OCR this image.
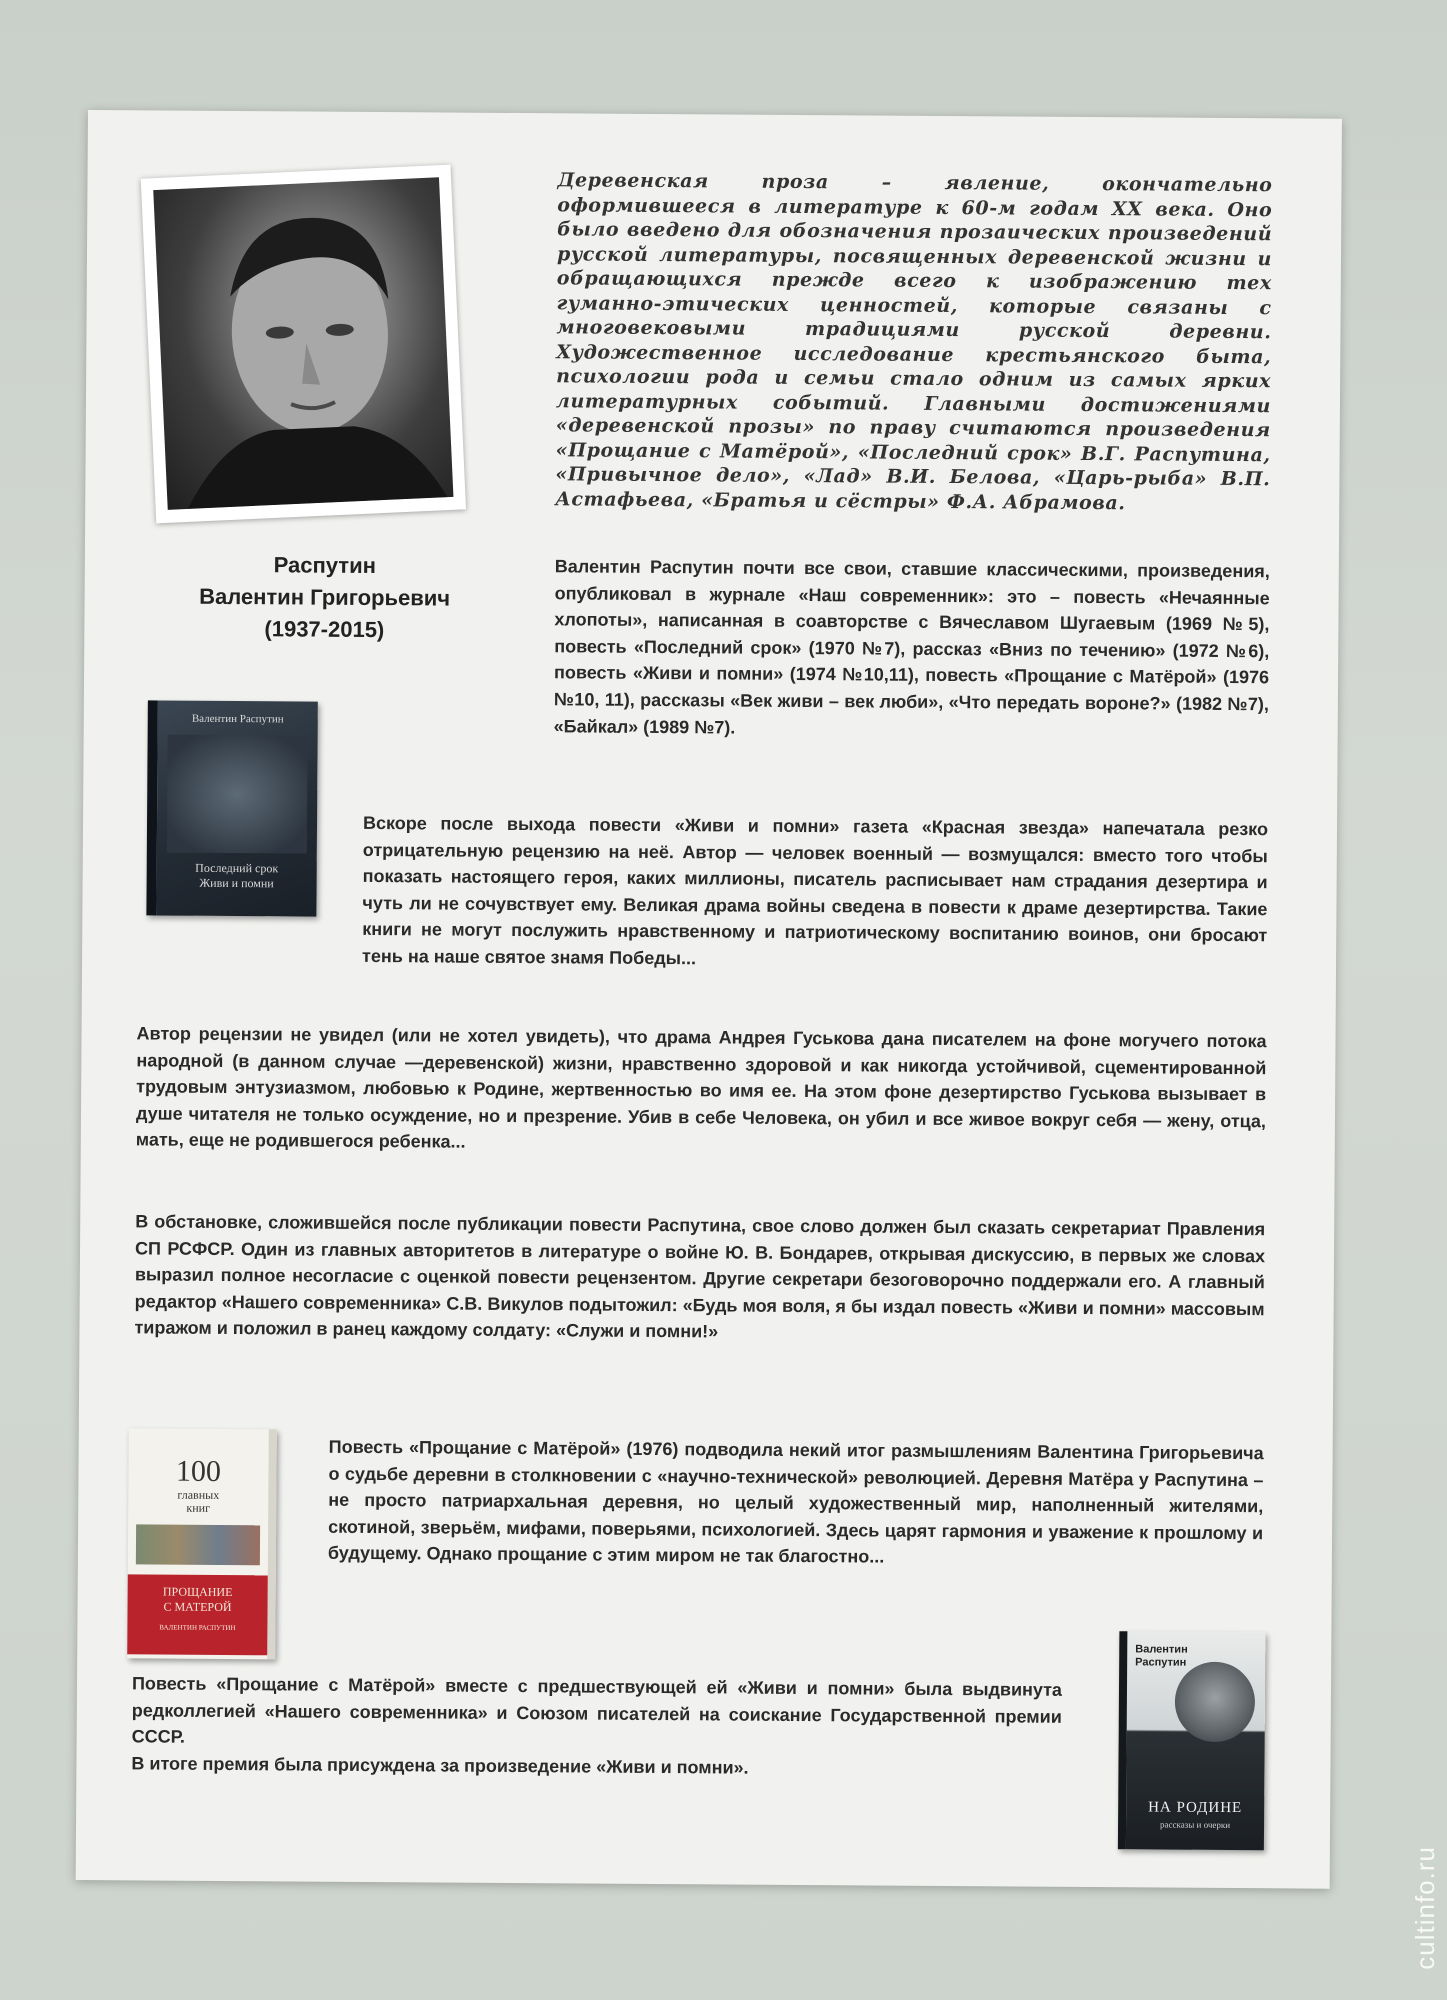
Деревенская проза – явление, окончательно оформившееся в литературе к 60-м годам XX века. Оно было введено для обозначения прозаических произведений русской литературы, посвященных деревенской жизни и обращающихся прежде всего к изображению тех гуманно-этических ценностей, которые связаны с многовековыми традициями русской деревни. Художественное исследование крестьянского быта, психологии рода и семьи стало одним из самых ярких литературных событий. Главными достижениями «деревенской прозы» по праву считаются произведения «Прощание с Матёрой», «Последний срок» В.Г. Распутина, «Привычное дело», «Лад» В.И. Белова, «Царь-рыба» В.П. Астафьева, «Братья и сёстры» Ф.А. Абрамова.
Распутин
Валентин Григорьевич
(1937-2015)

Валентин Распутин почти все свои, ставшие классическими, произведения, опубликовал в журнале «Наш современник»: это – повесть «Нечаянные хлопоты», написанная в соавторстве с Вячеславом Шугаевым (1969 №5), повесть «Последний срок» (1970 №7), рассказ «Вниз по течению» (1972 №6), повесть «Живи и помни» (1974 №10,11), повесть «Прощание с Матёрой» (1976 №10, 11), рассказы «Век живи – век люби», «Что передать вороне?» (1982 №7), «Байкал» (1989 №7).

Валентин Распутин
Последний срок
Живи и помни

Вскоре после выхода повести «Живи и помни» газета «Красная звезда» напечатала резко отрицательную рецензию на неё. Автор — человек военный — возмущался: вместо того чтобы показать настоящего героя, каких миллионы, писатель расписывает нам страдания дезертира и чуть ли не сочувствует ему. Великая драма войны сведена в повести к драме дезертирства. Такие книги не могут послужить нравственному и патриотическому воспитанию воинов, они бросают тень на наше святое знамя Победы...

Автор рецензии не увидел (или не хотел увидеть), что драма Андрея Гуськова дана писателем на фоне могучего потока народной (в данном случае —деревенской) жизни, нравственно здоровой и как никогда устойчивой, сцементированной трудовым энтузиазмом, любовью к Родине, жертвенностью во имя ее. На этом фоне дезертирство Гуськова вызывает в душе читателя не только осуждение, но и презрение. Убив в себе Человека, он убил и все живое вокруг себя — жену, отца, мать, еще не родившегося ребенка...

В обстановке, сложившейся после публикации повести Распутина, свое слово должен был сказать секретариат Правления СП РСФСР. Один из главных авторитетов в литературе о войне Ю. В. Бондарев, открывая дискуссию, в первых же словах выразил полное несогласие с оценкой повести рецензентом. Другие секретари безоговорочно поддержали его. А главный редактор «Нашего современника» С.В. Викулов подытожил: «Будь моя воля, я бы издал повесть «Живи и помни» массовым тиражом и положил в ранец каждому солдату: «Служи и помни!»

100
главных
книг
ПРОЩАНИЕ
С МАТЕРОЙ
ВАЛЕНТИН РАСПУТИН

Повесть «Прощание с Матёрой» (1976) подводила некий итог размышлениям Валентина Григорьевича о судьбе деревни в столкновении с «научно-технической» революцией. Деревня Матёра у Распутина – не просто патриархальная деревня, но целый художественный мир, наполненный жителями, скотиной, зверьём, мифами, поверьями, психологией. Здесь царят гармония и уважение к прошлому и будущему. Однако прощание с этим миром не так благостно...

Повесть «Прощание с Матёрой» вместе с предшествующей ей «Живи и помни» была выдвинута редколлегией «Нашего современника» и Союзом писателей на соискание Государственной премии СССР.

В итоге премия была присуждена за произведение «Живи и помни».

Валентин
Распутин
НА РОДИНЕ
рассказы и очерки
cultinfo.ru
